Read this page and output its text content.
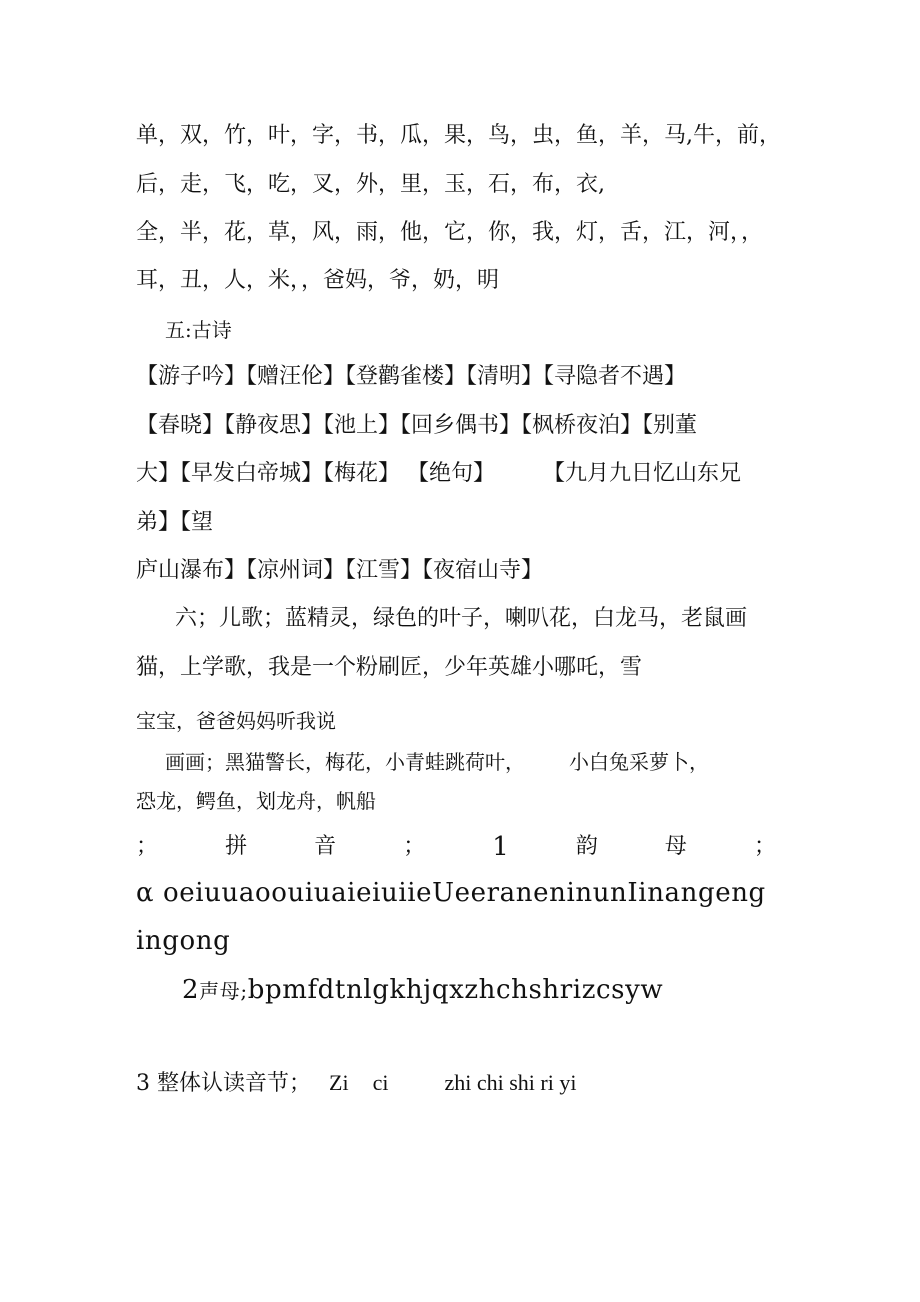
单，双，竹，叶，字，书，瓜，果，鸟，虫，鱼，羊，马,牛，前，
后，走，飞，吃，叉，外，里，玉，石，布，衣,
全，半，花，草，风，雨，他，它，你，我，灯，舌，江，河，，
耳，丑，人，米，，爸妈，爷，奶，明
五:古诗
【游子吟】【赠汪伦】【登鹳雀楼】【清明】【寻隐者不遇】
【春晓】【静夜思】【池上】【回乡偶书】【枫桥夜泊】【别董
大】【早发白帝城】【梅花】 【绝句】 【九月九日忆山东兄
弟】【望
庐山瀑布】【凉州词】【江雪】【夜宿山寺】
六；儿歌；蓝精灵，绿色的叶子，喇叭花，白龙马，老鼠画
猫，上学歌，我是一个粉刷匠，少年英雄小哪吒，雪
宝宝，爸爸妈妈听我说
画画；黑猫警长，梅花，小青蛙跳荷叶， 小白兔采萝卜，
恐龙，鳄鱼，划龙舟，帆船
；	拼	音	；	1	韵	母	；
α oeiuuaoouiuaieiuiieUeeraneninunIinangeng
ingong
2声母;bpmfdtnlgkhjqxzhchshrizcsyw
3 整体认读音节； Zi ci	zhi chi shi ri yi
